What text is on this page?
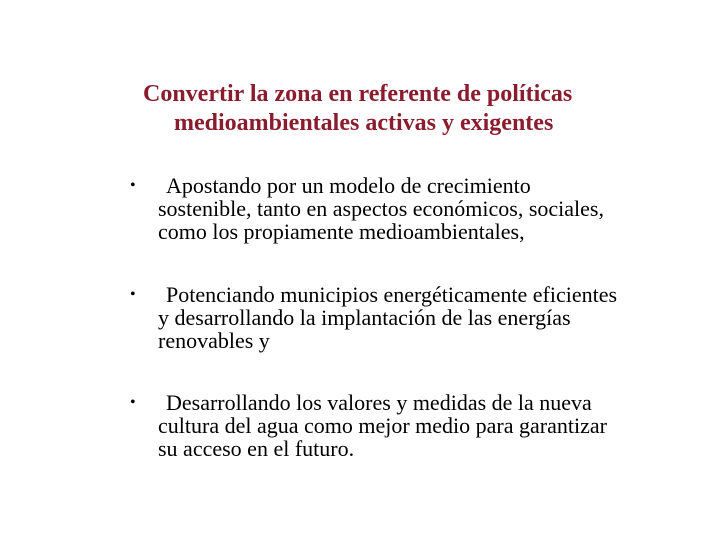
Convertir la zona en referente de políticas
medioambientales activas y exigentes
•	Apostando por un modelo de crecimiento
sostenible, tanto en aspectos económicos, sociales,
como los propiamente medioambientales,
•	Potenciando municipios energéticamente eficientes
y desarrollando la implantación de las energías
renovables y
•	Desarrollando los valores y medidas de la nueva
cultura del agua como mejor medio para garantizar
su acceso en el futuro.
